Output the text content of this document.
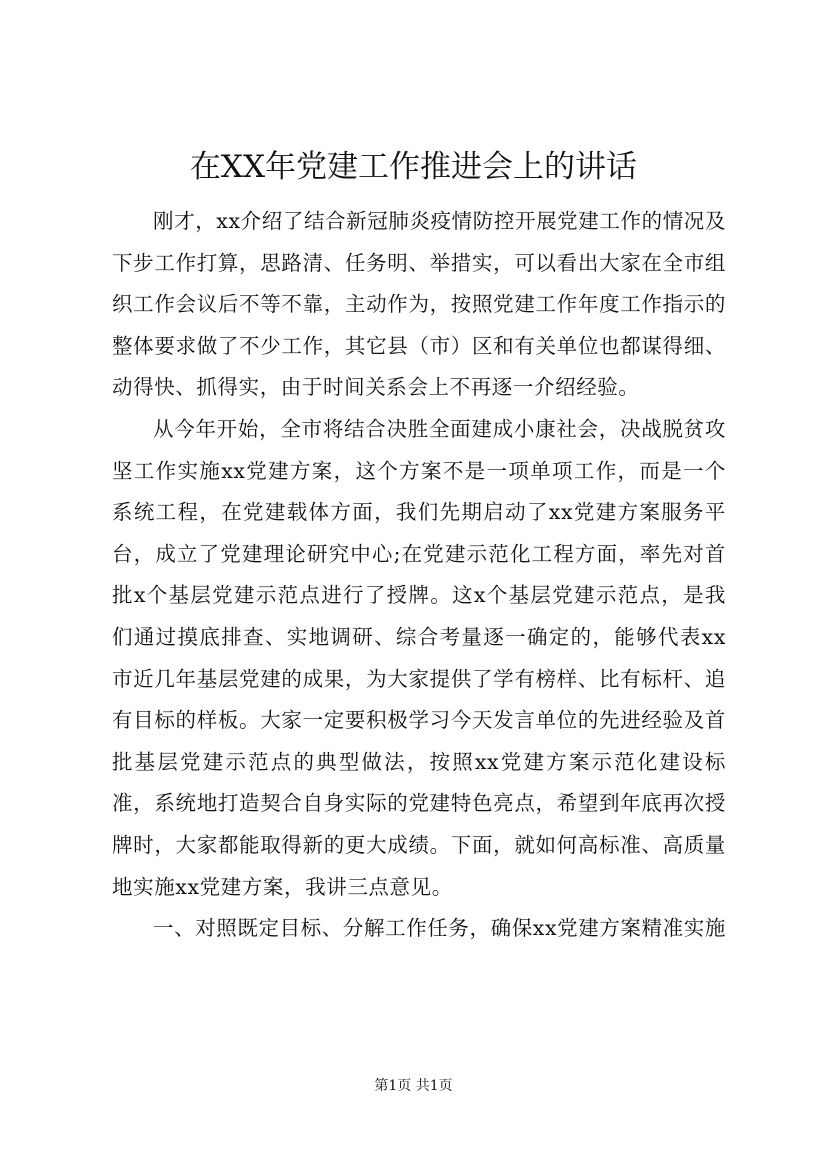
在XX年党建工作推进会上的讲话

刚才，xx介绍了结合新冠肺炎疫情防控开展党建工作的情况及下步工作打算，思路清、任务明、举措实，可以看出大家在全市组织工作会议后不等不靠，主动作为，按照党建工作年度工作指示的整体要求做了不少工作，其它县（市）区和有关单位也都谋得细、动得快、抓得实，由于时间关系会上不再逐一介绍经验。

从今年开始，全市将结合决胜全面建成小康社会，决战脱贫攻坚工作实施xx党建方案，这个方案不是一项单项工作，而是一个系统工程，在党建载体方面，我们先期启动了xx党建方案服务平台，成立了党建理论研究中心;在党建示范化工程方面，率先对首批x个基层党建示范点进行了授牌。这x个基层党建示范点，是我们通过摸底排查、实地调研、综合考量逐一确定的，能够代表xx市近几年基层党建的成果，为大家提供了学有榜样、比有标杆、追有目标的样板。大家一定要积极学习今天发言单位的先进经验及首批基层党建示范点的典型做法，按照xx党建方案示范化建设标准，系统地打造契合自身实际的党建特色亮点，希望到年底再次授牌时，大家都能取得新的更大成绩。下面，就如何高标准、高质量地实施xx党建方案，我讲三点意见。

一、对照既定目标、分解工作任务，确保xx党建方案精准实施

第1页 共1页
